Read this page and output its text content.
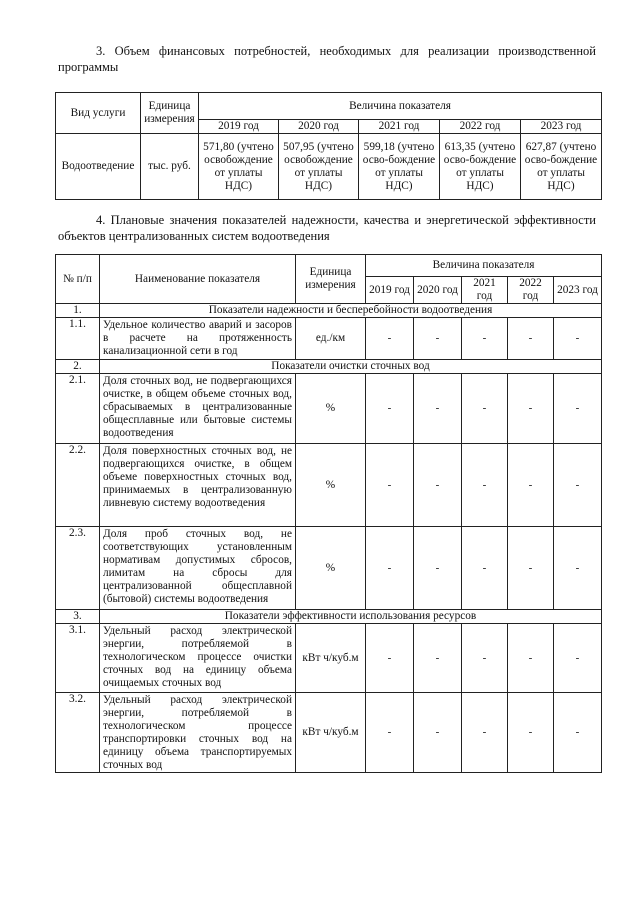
3. Объем финансовых потребностей, необходимых для реализации производственной программы
Вид услуги	Единица измерения	Величина показателя				
		2019 год	2020 год	2021 год	2022 год	2023 год
Водоотведение	тыс. руб.	571,80 (учтено освобождение от уплаты НДС)	507,95 (учтено освобождение от уплаты НДС)	599,18 (учтено осво-бождение от уплаты НДС)	613,35 (учтено осво-бождение от уплаты НДС)	627,87 (учтено осво-бождение от уплаты НДС)
4. Плановые значения показателей надежности, качества и энергетической эффективности объектов централизованных систем водоотведения
№ п/п	Наименование показателя	Единица измерения	Величина показателя				
			2019 год	2020 год	2021 год	2022 год	2023 год
1.	Показатели надежности и бесперебойности водоотведения						
1.1.	Удельное количество аварий и засоров в расчете на протяженность канализационной сети в год	ед./км	-	-	-	-	-
2.	Показатели очистки сточных вод						
2.1.	Доля сточных вод, не подвергающихся очистке, в общем объеме сточных вод, сбрасываемых в централизованные общесплавные или бытовые системы водоотведения	%	-	-	-	-	-
2.2.	Доля поверхностных сточных вод, не подвергающихся очистке, в общем объеме поверхностных сточных вод, принимаемых в централизованную ливневую систему водоотведения	%	-	-	-	-	-
2.3.	Доля проб сточных вод, не соответствующих установленным нормативам допустимых сбросов, лимитам на сбросы для централизованной общесплавной (бытовой) системы водоотведения	%	-	-	-	-	-
3.	Показатели эффективности использования ресурсов						
3.1.	Удельный расход электрической энергии, потребляемой в технологическом процессе очистки сточных вод на единицу объема очищаемых сточных вод	кВт ч/куб.м	-	-	-	-	-
3.2.	Удельный расход электрической энергии, потребляемой в технологическом процессе транспортировки сточных вод на единицу объема транспортируемых сточных вод	кВт ч/куб.м	-	-	-	-	-
